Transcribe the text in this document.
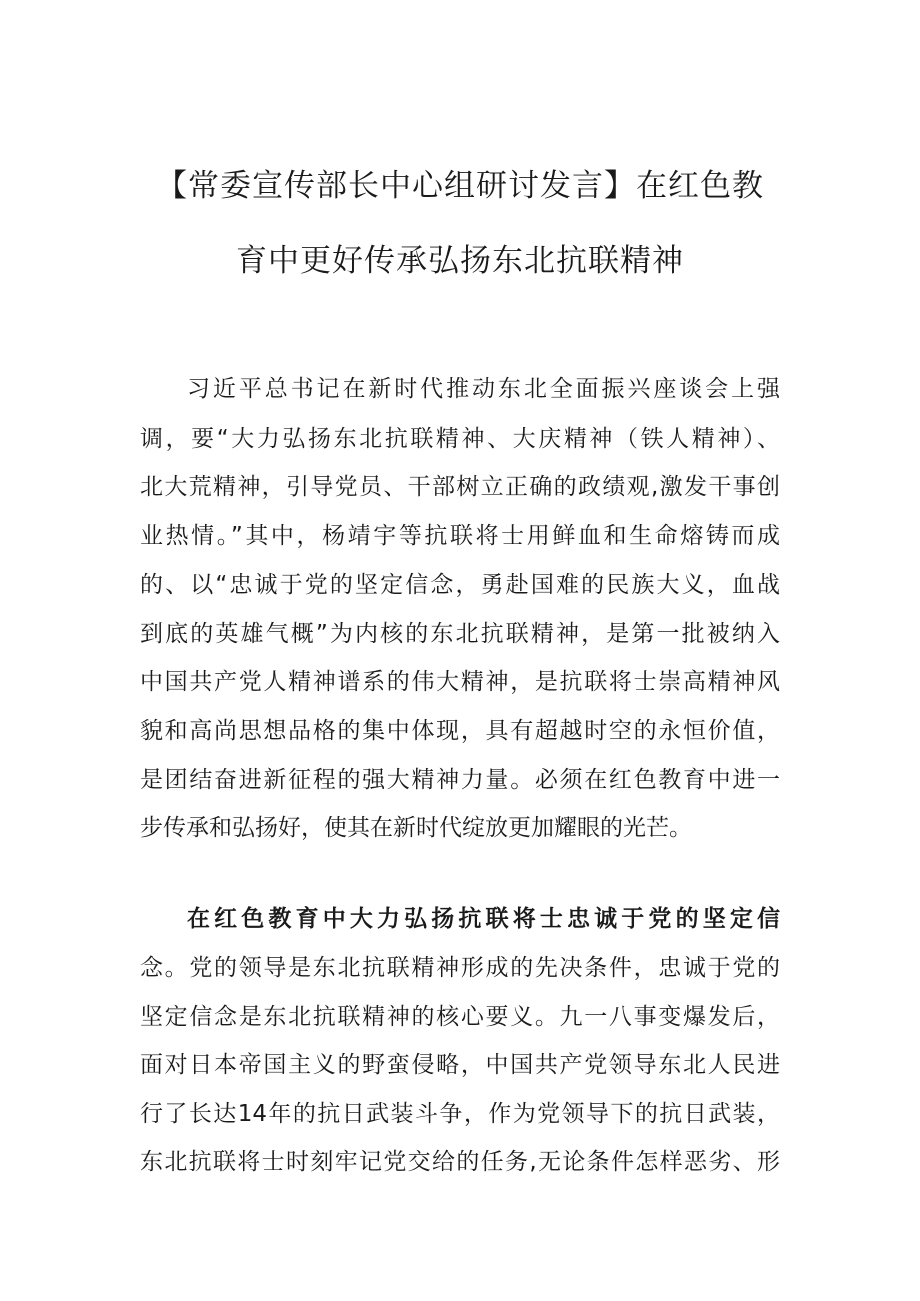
【常委宣传部长中心组研讨发言】在红色教
育中更好传承弘扬东北抗联精神

习近平总书记在新时代推动东北全面振兴座谈会上强

调，要“大力弘扬东北抗联精神、大庆精神（铁人精神）、

北大荒精神，引导党员、干部树立正确的政绩观,激发干事创

业热情。”其中，杨靖宇等抗联将士用鲜血和生命熔铸而成

的、以“忠诚于党的坚定信念，勇赴国难的民族大义，血战

到底的英雄气概”为内核的东北抗联精神，是第一批被纳入

中国共产党人精神谱系的伟大精神，是抗联将士崇高精神风

貌和高尚思想品格的集中体现，具有超越时空的永恒价值，

是团结奋进新征程的强大精神力量。必须在红色教育中进一

步传承和弘扬好，使其在新时代绽放更加耀眼的光芒。

在红色教育中大力弘扬抗联将士忠诚于党的坚定信

念。党的领导是东北抗联精神形成的先决条件，忠诚于党的

坚定信念是东北抗联精神的核心要义。九一八事变爆发后，

面对日本帝国主义的野蛮侵略，中国共产党领导东北人民进

行了长达14年的抗日武装斗争，作为党领导下的抗日武装，

东北抗联将士时刻牢记党交给的任务,无论条件怎样恶劣、形
